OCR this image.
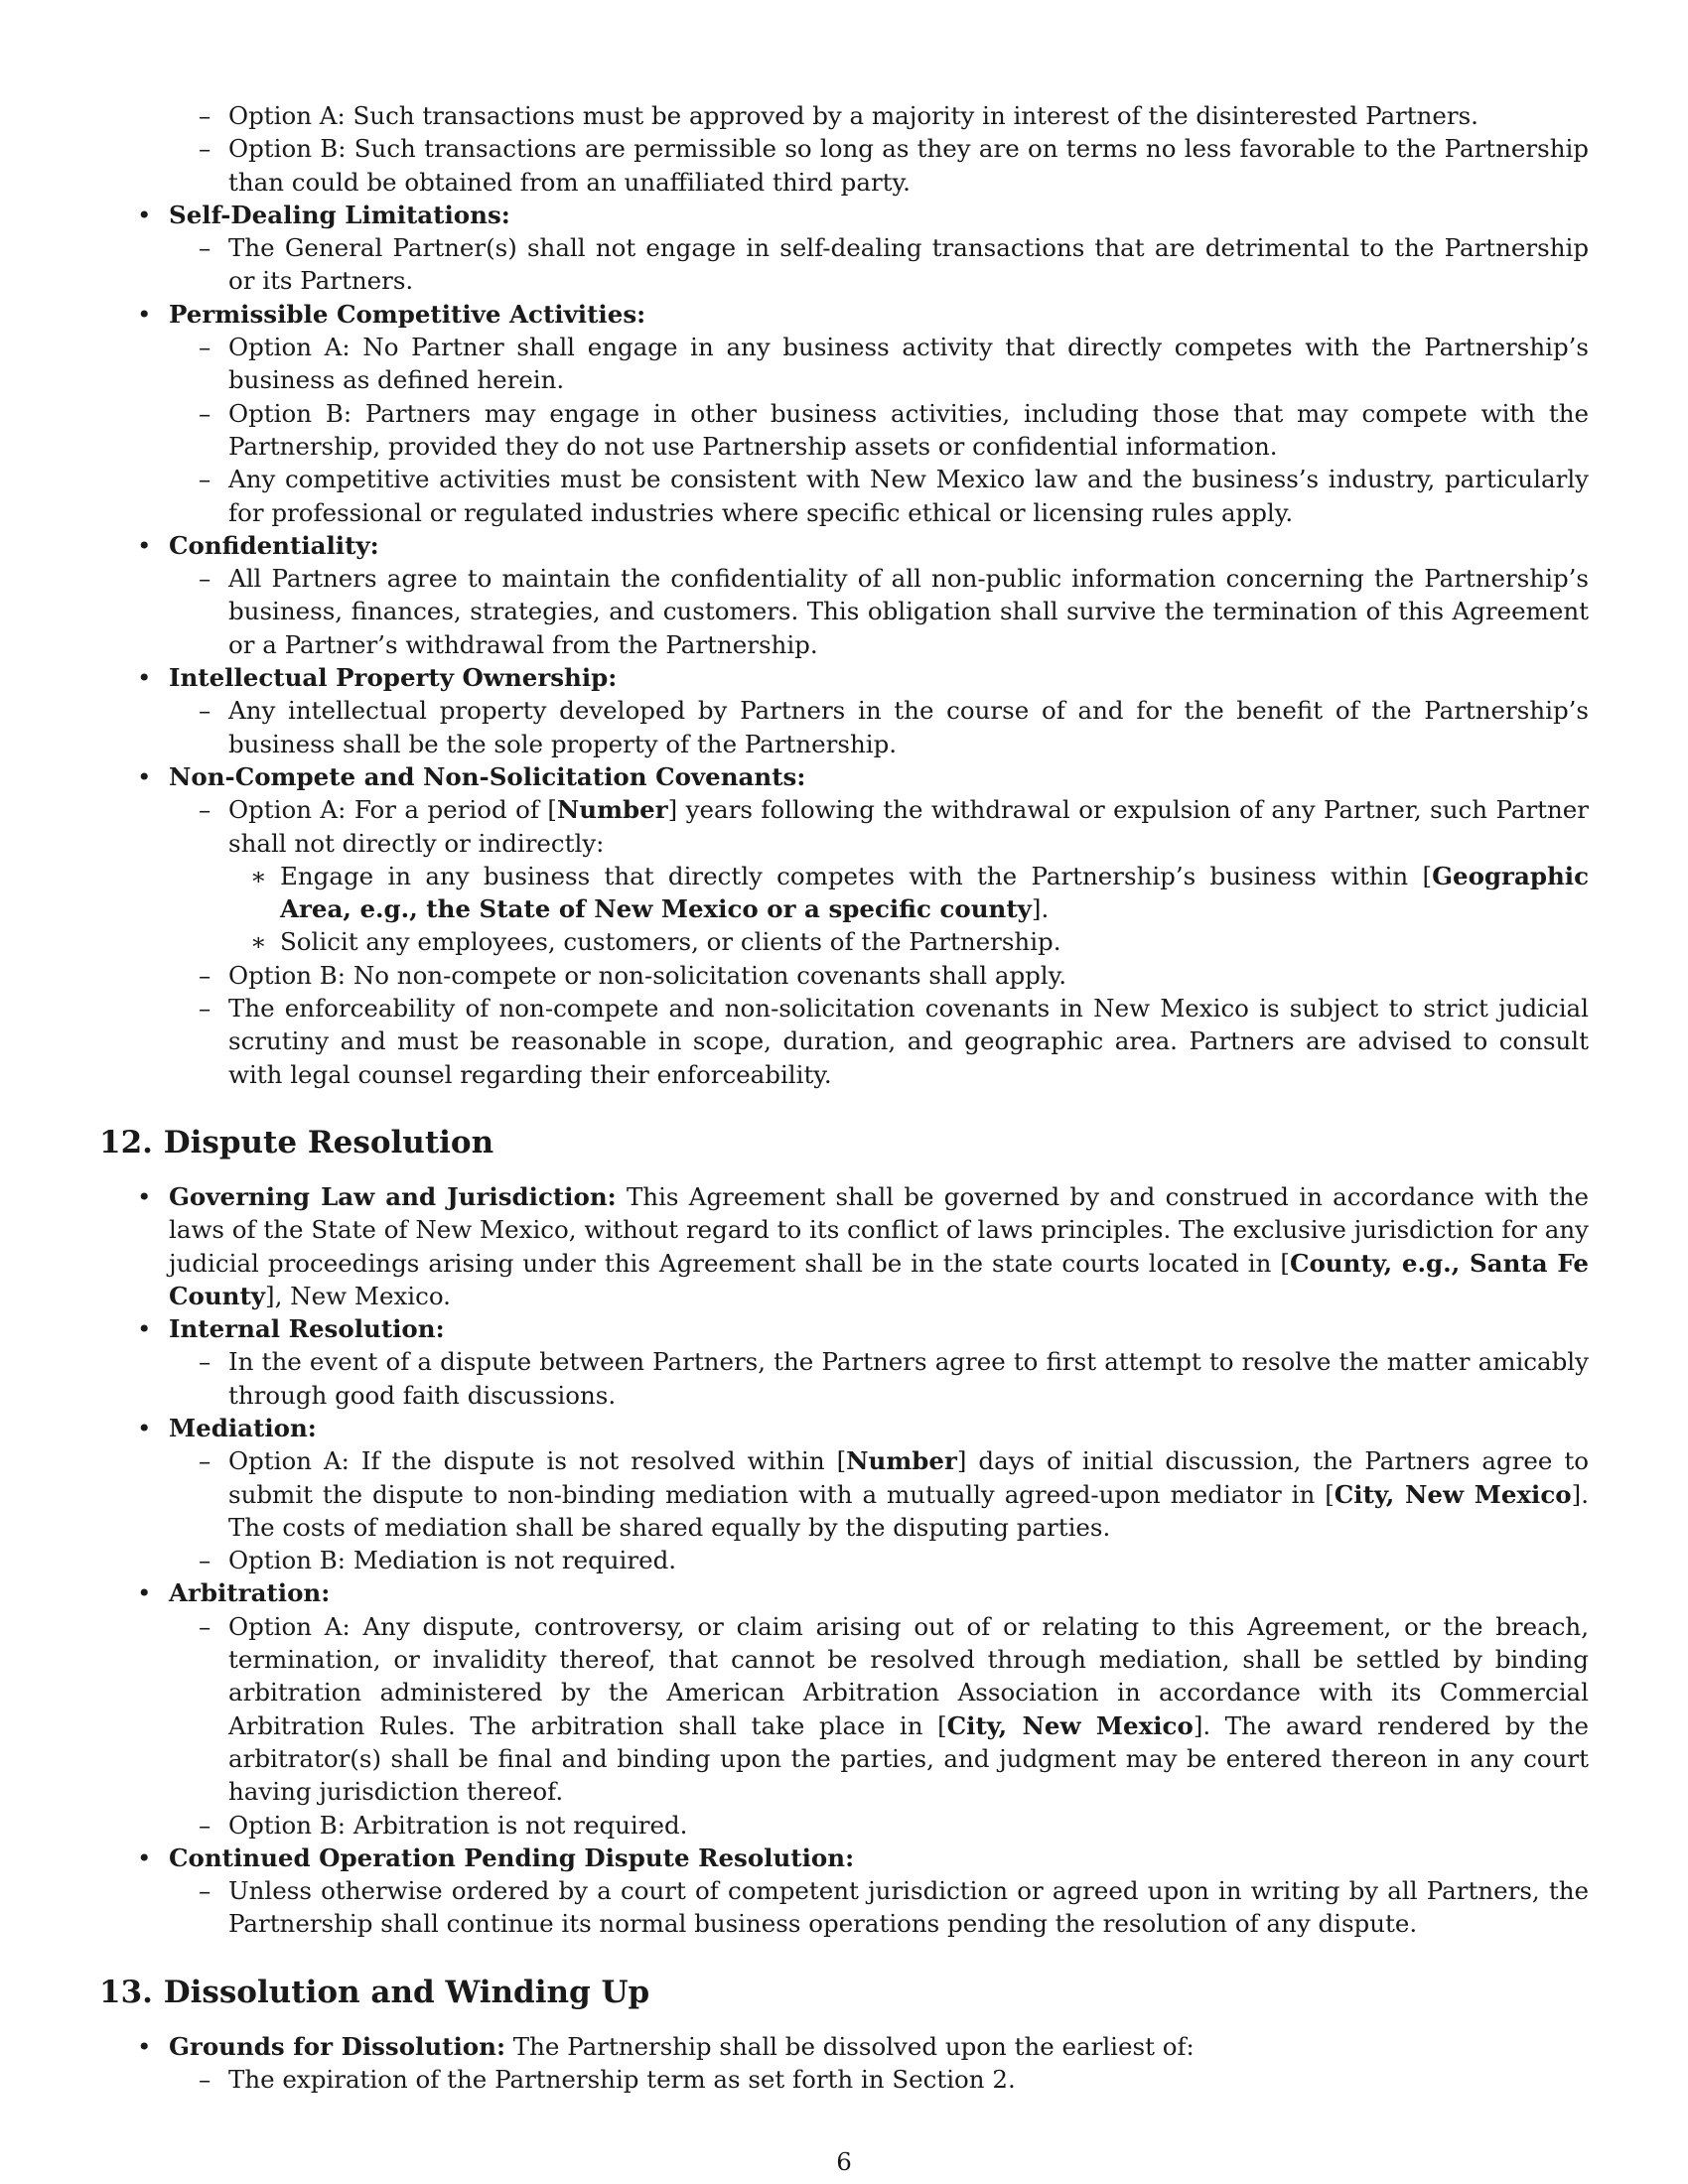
– Option A: Such transactions must be approved by a majority in interest of the disinterested Partners.
– Option B: Such transactions are permissible so long as they are on terms no less favorable to the Partnership than could be obtained from an unaffiliated third party.
• Self-Dealing Limitations:
– The General Partner(s) shall not engage in self-dealing transactions that are detrimental to the Partnership or its Partners.
• Permissible Competitive Activities:
– Option A: No Partner shall engage in any business activity that directly competes with the Partnership’s business as defined herein.
– Option B: Partners may engage in other business activities, including those that may compete with the Partnership, provided they do not use Partnership assets or confidential information.
– Any competitive activities must be consistent with New Mexico law and the business’s industry, particularly for professional or regulated industries where specific ethical or licensing rules apply.
• Confidentiality:
– All Partners agree to maintain the confidentiality of all non-public information concerning the Partnership’s business, finances, strategies, and customers. This obligation shall survive the termination of this Agreement or a Partner’s withdrawal from the Partnership.
• Intellectual Property Ownership:
– Any intellectual property developed by Partners in the course of and for the benefit of the Partnership’s business shall be the sole property of the Partnership.
• Non-Compete and Non-Solicitation Covenants:
– Option A: For a period of [Number] years following the withdrawal or expulsion of any Partner, such Partner shall not directly or indirectly:
∗ Engage in any business that directly competes with the Partnership’s business within [Geographic Area, e.g., the State of New Mexico or a specific county].
∗ Solicit any employees, customers, or clients of the Partnership.
– Option B: No non-compete or non-solicitation covenants shall apply.
– The enforceability of non-compete and non-solicitation covenants in New Mexico is subject to strict judicial scrutiny and must be reasonable in scope, duration, and geographic area. Partners are advised to consult with legal counsel regarding their enforceability.
12. Dispute Resolution
• Governing Law and Jurisdiction: This Agreement shall be governed by and construed in accordance with the laws of the State of New Mexico, without regard to its conflict of laws principles. The exclusive jurisdiction for any judicial proceedings arising under this Agreement shall be in the state courts located in [County, e.g., Santa Fe County], New Mexico.
• Internal Resolution:
– In the event of a dispute between Partners, the Partners agree to first attempt to resolve the matter amicably through good faith discussions.
• Mediation:
– Option A: If the dispute is not resolved within [Number] days of initial discussion, the Partners agree to submit the dispute to non-binding mediation with a mutually agreed-upon mediator in [City, New Mexico]. The costs of mediation shall be shared equally by the disputing parties.
– Option B: Mediation is not required.
• Arbitration:
– Option A: Any dispute, controversy, or claim arising out of or relating to this Agreement, or the breach, termination, or invalidity thereof, that cannot be resolved through mediation, shall be settled by binding arbitration administered by the American Arbitration Association in accordance with its Commercial Arbitration Rules. The arbitration shall take place in [City, New Mexico]. The award rendered by the arbitrator(s) shall be final and binding upon the parties, and judgment may be entered thereon in any court having jurisdiction thereof.
– Option B: Arbitration is not required.
• Continued Operation Pending Dispute Resolution:
– Unless otherwise ordered by a court of competent jurisdiction or agreed upon in writing by all Partners, the Partnership shall continue its normal business operations pending the resolution of any dispute.
13. Dissolution and Winding Up
• Grounds for Dissolution: The Partnership shall be dissolved upon the earliest of:
– The expiration of the Partnership term as set forth in Section 2.
6
